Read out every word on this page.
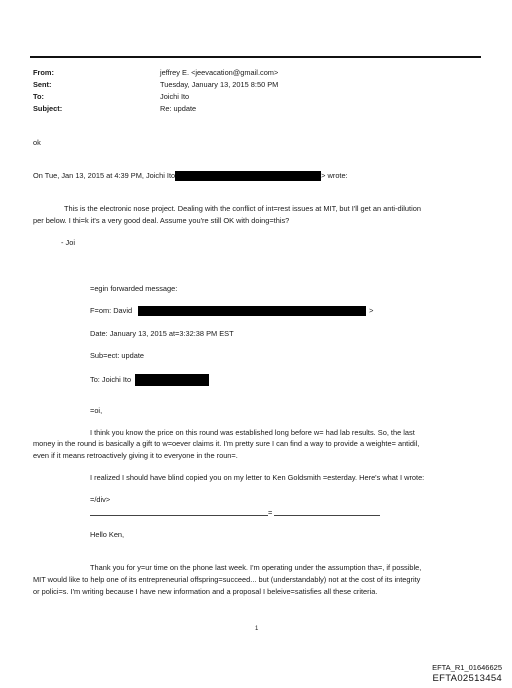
From:	jeffrey E. <jeevacation@gmail.com>
Sent:	Tuesday, January 13, 2015 8:50 PM
To:	Joichi Ito
Subject:	Re: update
ok
On Tue, Jan 13, 2015 at 4:39 PM, Joichi Ito	> wrote:
This is the electronic nose project. Dealing with the conflict of int=rest issues at MIT, but I'll get an anti-dilution
per below. I thi=k it's a very good deal. Assume you're still OK with doing=this?
- Joi
=egin forwarded message:
F=om: David	>
Date: January 13, 2015 at=3:32:38 PM EST
Sub=ect: update
To: Joichi Ito
=oi,
I think you know the price on this round was established long before w= had lab results. So, the last
money in the round is basically a gift to w=oever claims it. I'm pretty sure I can find a way to provide a weighte= antidil,
even if it means retroactively giving it to everyone in the roun=.
I realized I should have blind copied you on my letter to Ken Goldsmith =esterday. Here's what I wrote:
=/div>
=
Hello Ken,
Thank you for y=ur time on the phone last week. I'm operating under the assumption tha=, if possible,
MIT would like to help one of its entrepreneurial offspring=succeed... but (understandably) not at the cost of its integrity
or polici=s. I'm writing because I have new information and a proposal I beleive=satisfies all these criteria.
1
EFTA_R1_01646625
EFTA02513454
